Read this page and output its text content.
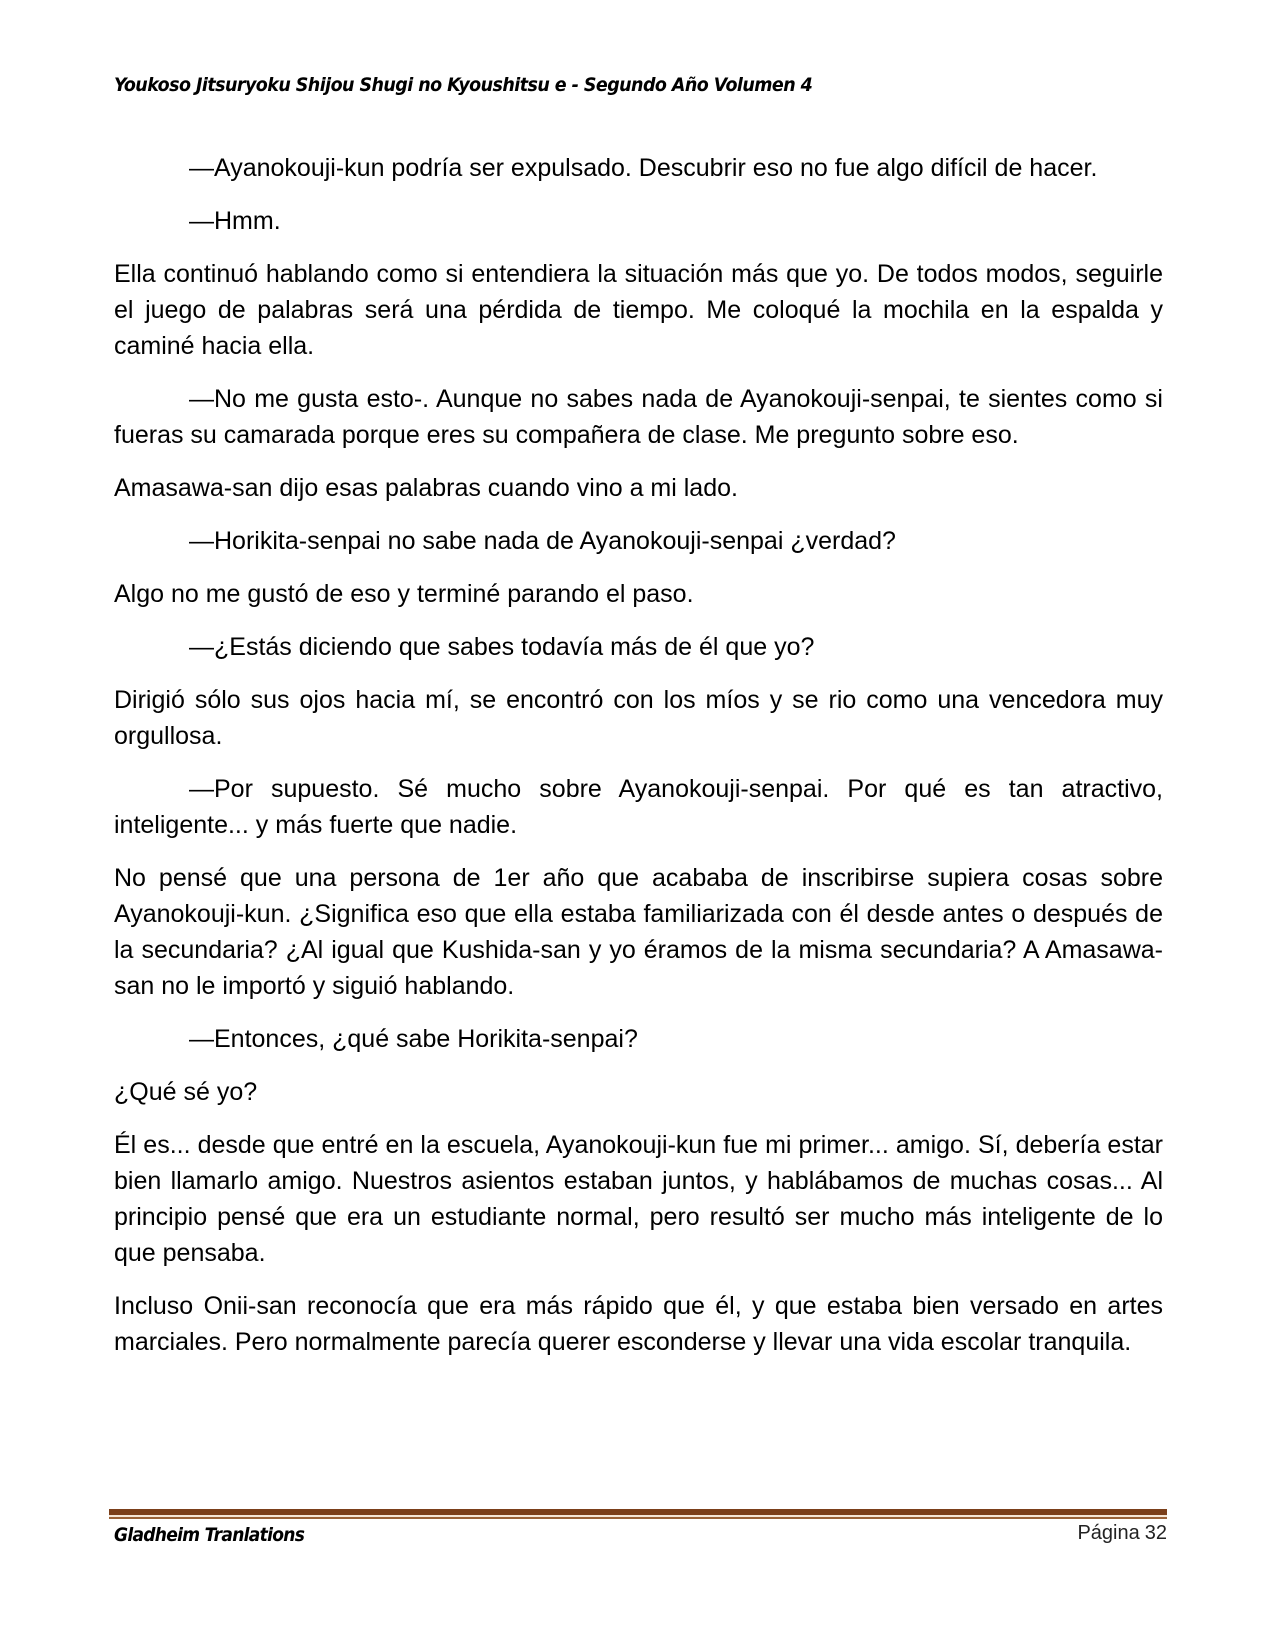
Youkoso Jitsuryoku Shijou Shugi no Kyoushitsu e - Segundo Año Volumen 4

—Ayanokouji-kun podría ser expulsado. Descubrir eso no fue algo difícil de hacer.

—Hmm.

Ella continuó hablando como si entendiera la situación más que yo. De todos modos, seguirle el juego de palabras será una pérdida de tiempo. Me coloqué la mochila en la espalda y caminé hacia ella.

—No me gusta esto-. Aunque no sabes nada de Ayanokouji-senpai, te sientes como si fueras su camarada porque eres su compañera de clase. Me pregunto sobre eso.

Amasawa-san dijo esas palabras cuando vino a mi lado.

—Horikita-senpai no sabe nada de Ayanokouji-senpai ¿verdad?

Algo no me gustó de eso y terminé parando el paso.

—¿Estás diciendo que sabes todavía más de él que yo?

Dirigió sólo sus ojos hacia mí, se encontró con los míos y se rio como una vencedora muy orgullosa.

—Por supuesto. Sé mucho sobre Ayanokouji-senpai. Por qué es tan atractivo, inteligente... y más fuerte que nadie.

No pensé que una persona de 1er año que acababa de inscribirse supiera cosas sobre Ayanokouji-kun. ¿Significa eso que ella estaba familiarizada con él desde antes o después de la secundaria? ¿Al igual que Kushida-san y yo éramos de la misma secundaria? A Amasawa-san no le importó y siguió hablando.

—Entonces, ¿qué sabe Horikita-senpai?

¿Qué sé yo?

Él es... desde que entré en la escuela, Ayanokouji-kun fue mi primer... amigo. Sí, debería estar bien llamarlo amigo. Nuestros asientos estaban juntos, y hablábamos de muchas cosas... Al principio pensé que era un estudiante normal, pero resultó ser mucho más inteligente de lo que pensaba.

Incluso Onii-san reconocía que era más rápido que él, y que estaba bien versado en artes marciales. Pero normalmente parecía querer esconderse y llevar una vida escolar tranquila.

Gladheim Tranlations	Página 32
